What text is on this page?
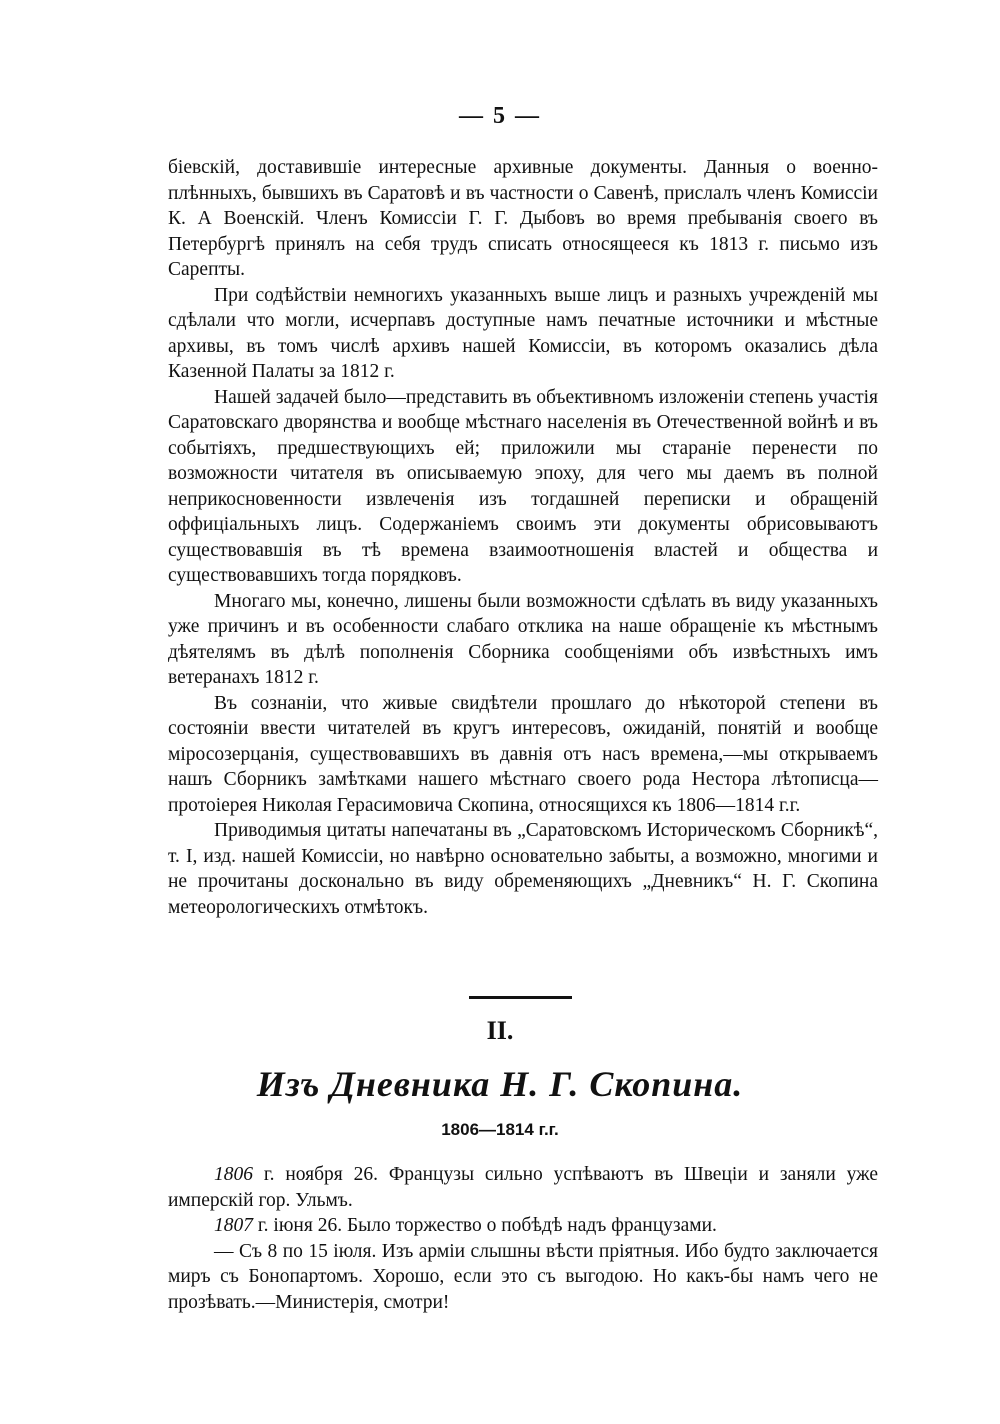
— 5 —

біевскій, доставившіе интересные архивные документы. Данныя о военно-плѣнныхъ, бывшихъ въ Саратовѣ и въ частности о Савенѣ, прислалъ членъ Комиссіи К. А Военскій. Членъ Комиссіи Г. Г. Дыбовъ во время пребыванія своего въ Петербургѣ принялъ на себя трудъ списать относящееся къ 1813 г. письмо изъ Сарепты.

При содѣйствіи немногихъ указанныхъ выше лицъ и разныхъ учрежденій мы сдѣлали что могли, исчерпавъ доступные намъ печатные источники и мѣстные архивы, въ томъ числѣ архивъ нашей Комиссіи, въ которомъ оказались дѣла Казенной Палаты за 1812 г.

Нашей задачей было—представить въ объективномъ изложеніи степень участія Саратовскаго дворянства и вообще мѣстнаго населенія въ Отечественной войнѣ и въ событіяхъ, предшествующихъ ей; приложили мы стараніе перенести по возможности читателя въ описываемую эпоху, для чего мы даемъ въ полной неприкосновенности извлеченія изъ тогдашней переписки и обращеній оффиціальныхъ лицъ. Содержаніемъ своимъ эти документы обрисовываютъ существовавшія въ тѣ времена взаимоотношенія властей и общества и существовавшихъ тогда порядковъ.

Многаго мы, конечно, лишены были возможности сдѣлать въ виду указанныхъ уже причинъ и въ особенности слабаго отклика на наше обращеніе къ мѣстнымъ дѣятелямъ въ дѣлѣ пополненія Сборника сообщеніями объ извѣстныхъ имъ ветеранахъ 1812 г.

Въ сознаніи, что живые свидѣтели прошлаго до нѣкоторой степени въ состояніи ввести читателей въ кругъ интересовъ, ожиданій, понятій и вообще міросозерцанія, существовавшихъ въ давнія отъ насъ времена,—мы открываемъ нашъ Сборникъ замѣтками нашего мѣстнаго своего рода Нестора лѣтописца—протоіерея Николая Герасимовича Скопина, относящихся къ 1806—1814 г.г.

Приводимыя цитаты напечатаны въ „Саратовскомъ Историческомъ Сборникѣ“, т. I, изд. нашей Комиссіи, но навѣрно основательно забыты, а возможно, многими и не прочитаны досконально въ виду обременяющихъ „Дневникъ“ Н. Г. Скопина метеорологическихъ отмѣтокъ.

II.
Изъ Дневника Н. Г. Скопина.
1806—1814 г.г.

1806 г. ноября 26. Французы сильно успѣваютъ въ Швеціи и заняли уже имперскій гор. Ульмъ.

1807 г. іюня 26. Было торжество о побѣдѣ надъ французами.

— Съ 8 по 15 іюля. Изъ арміи слышны вѣсти пріятныя. Ибо будто заключается миръ съ Бонопартомъ. Хорошо, если это съ выгодою. Но какъ-бы намъ чего не прозѣвать.—Министерія, смотри!
